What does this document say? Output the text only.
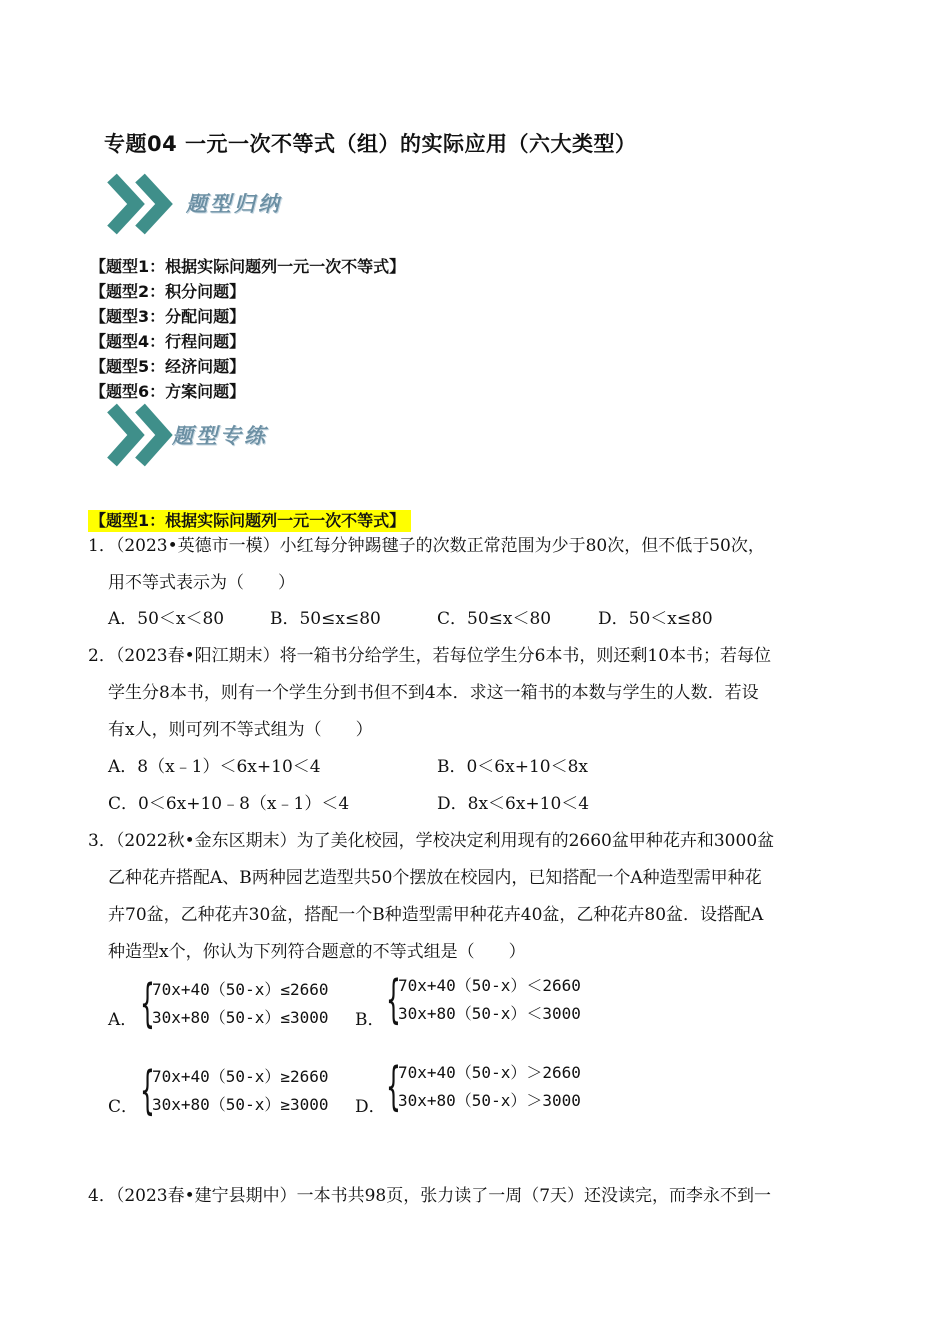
专题04 一元一次不等式（组）的实际应用（六大类型）
题型归纳
【题型1：根据实际问题列一元一次不等式】
【题型2：积分问题】
【题型3：分配问题】
【题型4：行程问题】
【题型5：经济问题】
【题型6：方案问题】
题型专练
【题型1：根据实际问题列一元一次不等式】
1．（2023•英德市一模）小红每分钟踢毽子的次数正常范围为少于80次，但不低于50次，
用不等式表示为（　　）
A．50＜x＜80	B．50≤x≤80	C．50≤x＜80	D．50＜x≤80
2．（2023春•阳江期末）将一箱书分给学生，若每位学生分6本书，则还剩10本书；若每位
学生分8本书，则有一个学生分到书但不到4本．求这一箱书的本数与学生的人数．若设
有x人，则可列不等式组为（　　）
A．8（x﹣1）＜6x+10＜4	B．0＜6x+10＜8x
C．0＜6x+10﹣8（x﹣1）＜4	D．8x＜6x+10＜4
3．（2022秋•金东区期末）为了美化校园，学校决定利用现有的2660盆甲种花卉和3000盆
乙种花卉搭配A、B两种园艺造型共50个摆放在校园内，已知搭配一个A种造型需甲种花
卉70盆，乙种花卉30盆，搭配一个B种造型需甲种花卉40盆，乙种花卉80盆．设搭配A
种造型x个，你认为下列符合题意的不等式组是（　　）
A． {
70x+40（50-x）≤2660
30x+80（50-x）≤3000 B． {
70x+40（50-x）＜2660
30x+80（50-x）＜3000
C． {
70x+40（50-x）≥2660
30x+80（50-x）≥3000 D． {
70x+40（50-x）＞2660
30x+80（50-x）＞3000
4．（2023春•建宁县期中）一本书共98页，张力读了一周（7天）还没读完，而李永不到一
